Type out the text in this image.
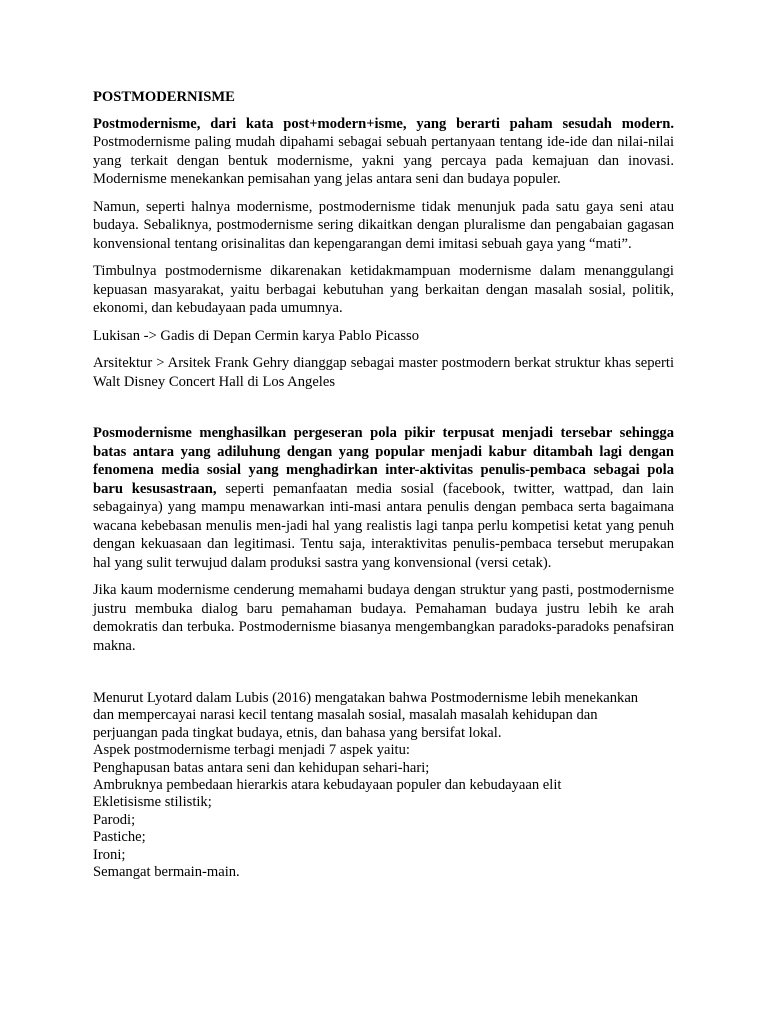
POSTMODERNISME

Postmodernisme, dari kata post+modern+isme, yang berarti paham sesudah modern. Postmodernisme paling mudah dipahami sebagai sebuah pertanyaan tentang ide-ide dan nilai-nilai yang terkait dengan bentuk modernisme, yakni yang percaya pada kemajuan dan inovasi. Modernisme menekankan pemisahan yang jelas antara seni dan budaya populer.

Namun, seperti halnya modernisme, postmodernisme tidak menunjuk pada satu gaya seni atau budaya. Sebaliknya, postmodernisme sering dikaitkan dengan pluralisme dan pengabaian gagasan konvensional tentang orisinalitas dan kepengarangan demi imitasi sebuah gaya yang “mati”.

Timbulnya postmodernisme dikarenakan ketidakmampuan modernisme dalam menanggulangi kepuasan masyarakat, yaitu berbagai kebutuhan yang berkaitan dengan masalah sosial, politik, ekonomi, dan kebudayaan pada umumnya.

Lukisan -> Gadis di Depan Cermin karya Pablo Picasso

Arsitektur > Arsitek Frank Gehry dianggap sebagai master postmodern berkat struktur khas seperti Walt Disney Concert Hall di Los Angeles

Posmodernisme menghasilkan pergeseran pola pikir terpusat menjadi tersebar sehingga batas antara yang adiluhung dengan yang popular menjadi kabur ditambah lagi dengan fenomena media sosial yang menghadirkan inter-aktivitas penulis-pembaca sebagai pola baru kesusastraan, seperti pemanfaatan media sosial (facebook, twitter, wattpad, dan lain sebagainya) yang mampu menawarkan inti-masi antara penulis dengan pembaca serta bagaimana wacana kebebasan menulis men-jadi hal yang realistis lagi tanpa perlu kompetisi ketat yang penuh dengan kekuasaan dan legitimasi. Tentu saja, interaktivitas penulis-pembaca tersebut merupakan hal yang sulit terwujud dalam produksi sastra yang konvensional (versi cetak).

Jika kaum modernisme cenderung memahami budaya dengan struktur yang pasti, postmodernisme justru membuka dialog baru pemahaman budaya. Pemahaman budaya justru lebih ke arah demokratis dan terbuka. Postmodernisme biasanya mengembangkan paradoks-paradoks penafsiran makna.

Menurut Lyotard dalam Lubis (2016) mengatakan bahwa Postmodernisme lebih menekankan
dan mempercayai narasi kecil tentang masalah sosial, masalah masalah kehidupan dan
perjuangan pada tingkat budaya, etnis, dan bahasa yang bersifat lokal.
Aspek postmodernisme terbagi menjadi 7 aspek yaitu:
Penghapusan batas antara seni dan kehidupan sehari-hari;
Ambruknya pembedaan hierarkis atara kebudayaan populer dan kebudayaan elit
Ekletisisme stilistik;
Parodi;
Pastiche;
Ironi;
Semangat bermain-main.
